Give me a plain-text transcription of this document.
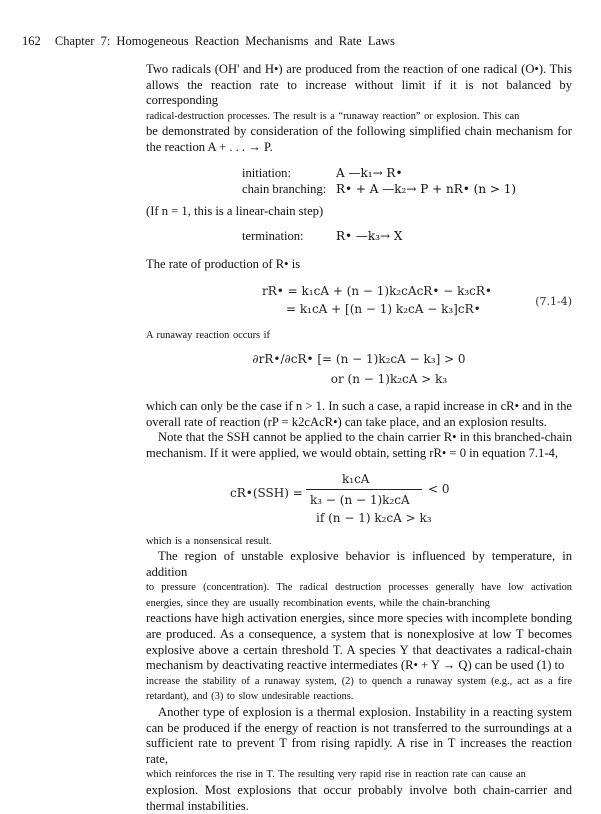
162 Chapter 7: Homogeneous Reaction Mechanisms and Rate Laws

Two radicals (OH' and H•) are produced from the reaction of one radical (O•). This allows the reaction rate to increase without limit if it is not balanced by corresponding

radical-destruction processes. The result is a “runaway reaction” or explosion. This can

be demonstrated by consideration of the following simplified chain mechanism for the reaction A + . . . → P.

initiation:	A —k₁→ R•
chain branching: R• + A —k₂→ P + nR• (n > 1)

(If n = 1, this is a linear-chain step)

termination:	R• —k₃→ X

The rate of production of R• is

rR• = k₁cA + (n − 1)k₂cAcR• − k₃cR•
= k₁cA + [(n − 1) k₂cA − k₃]cR•
(7.1-4)

A runaway reaction occurs if

∂rR•/∂cR• [= (n − 1)k₂cA − k₃] > 0
or (n − 1)k₂cA > k₃

which can only be the case if n > 1. In such a case, a rapid increase in cR• and in the overall rate of reaction (rP = k2cAcR•) can take place, and an explosion results.

Note that the SSH cannot be applied to the chain carrier R• in this branched-chain mechanism. If it were applied, we would obtain, setting rR• = 0 in equation 7.1-4,

cR•(SSH) =
k₁cA
k₃ − (n − 1)k₂cA
< 0
if (n − 1) k₂cA > k₃

which is a nonsensical result.

The region of unstable explosive behavior is influenced by temperature, in addition

to pressure (concentration). The radical destruction processes generally have low activation energies, since they are usually recombination events, while the chain-branching

reactions have high activation energies, since more species with incomplete bonding are produced. As a consequence, a system that is nonexplosive at low T becomes explosive above a certain threshold T. A species Y that deactivates a radical-chain mechanism by deactivating reactive intermediates (R• + Y → Q) can be used (1) to

increase the stability of a runaway system, (2) to quench a runaway system (e.g., act as a fire retardant), and (3) to slow undesirable reactions.

Another type of explosion is a thermal explosion. Instability in a reacting system can be produced if the energy of reaction is not transferred to the surroundings at a sufficient rate to prevent T from rising rapidly. A rise in T increases the reaction rate,

which reinforces the rise in T. The resulting very rapid rise in reaction rate can cause an

explosion. Most explosions that occur probably involve both chain-carrier and thermal instabilities.
